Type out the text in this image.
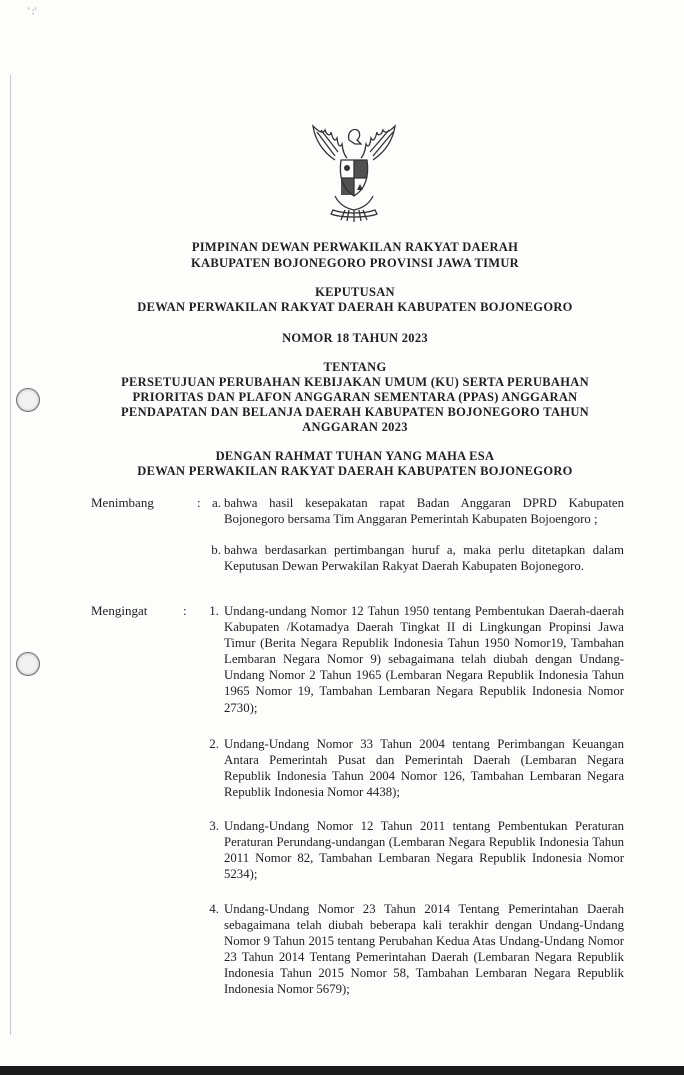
' :'
PIMPINAN DEWAN PERWAKILAN RAKYAT DAERAH
KABUPATEN BOJONEGORO PROVINSI JAWA TIMUR
KEPUTUSAN
DEWAN PERWAKILAN RAKYAT DAERAH KABUPATEN BOJONEGORO
NOMOR 18 TAHUN 2023
TENTANG
PERSETUJUAN PERUBAHAN KEBIJAKAN UMUM (KU) SERTA PERUBAHAN
PRIORITAS DAN PLAFON ANGGARAN SEMENTARA (PPAS) ANGGARAN
PENDAPATAN DAN BELANJA DAERAH KABUPATEN BOJONEGORO TAHUN
ANGGARAN 2023
DENGAN RAHMAT TUHAN YANG MAHA ESA
DEWAN PERWAKILAN RAKYAT DAERAH KABUPATEN BOJONEGORO
Menimbang	: a. bahwa hasil kesepakatan rapat Badan Anggaran DPRD Kabupaten Bojonegoro bersama Tim Anggaran Pemerintah Kabupaten Bojoengoro ;
b. bahwa berdasarkan pertimbangan huruf a, maka perlu ditetapkan dalam Keputusan Dewan Perwakilan Rakyat Daerah Kabupaten Bojonegoro.
Mengingat	:	1. Undang-undang Nomor 12 Tahun 1950 tentang Pembentukan Daerah-daerah Kabupaten /Kotamadya Daerah Tingkat II di Lingkungan Propinsi Jawa Timur (Berita Negara Republik Indonesia Tahun 1950 Nomor19, Tambahan Lembaran Negara Nomor 9) sebagaimana telah diubah dengan Undang-Undang Nomor 2 Tahun 1965 (Lembaran Negara Republik Indonesia Tahun 1965 Nomor 19, Tambahan Lembaran Negara Republik Indonesia Nomor 2730);
2. Undang-Undang Nomor 33 Tahun 2004 tentang Perimbangan Keuangan Antara Pemerintah Pusat dan Pemerintah Daerah (Lembaran Negara Republik Indonesia Tahun 2004 Nomor 126, Tambahan Lembaran Negara Republik Indonesia Nomor 4438);
3. Undang-Undang Nomor 12 Tahun 2011 tentang Pembentukan Peraturan Peraturan Perundang-undangan (Lembaran Negara Republik Indonesia Tahun 2011 Nomor 82, Tambahan Lembaran Negara Republik Indonesia Nomor 5234);
4. Undang-Undang Nomor 23 Tahun 2014 Tentang Pemerintahan Daerah sebagaimana telah diubah beberapa kali terakhir dengan Undang-Undang Nomor 9 Tahun 2015 tentang Perubahan Kedua Atas Undang-Undang Nomor 23 Tahun 2014 Tentang Pemerintahan Daerah (Lembaran Negara Republik Indonesia Tahun 2015 Nomor 58, Tambahan Lembaran Negara Republik Indonesia Nomor 5679);
